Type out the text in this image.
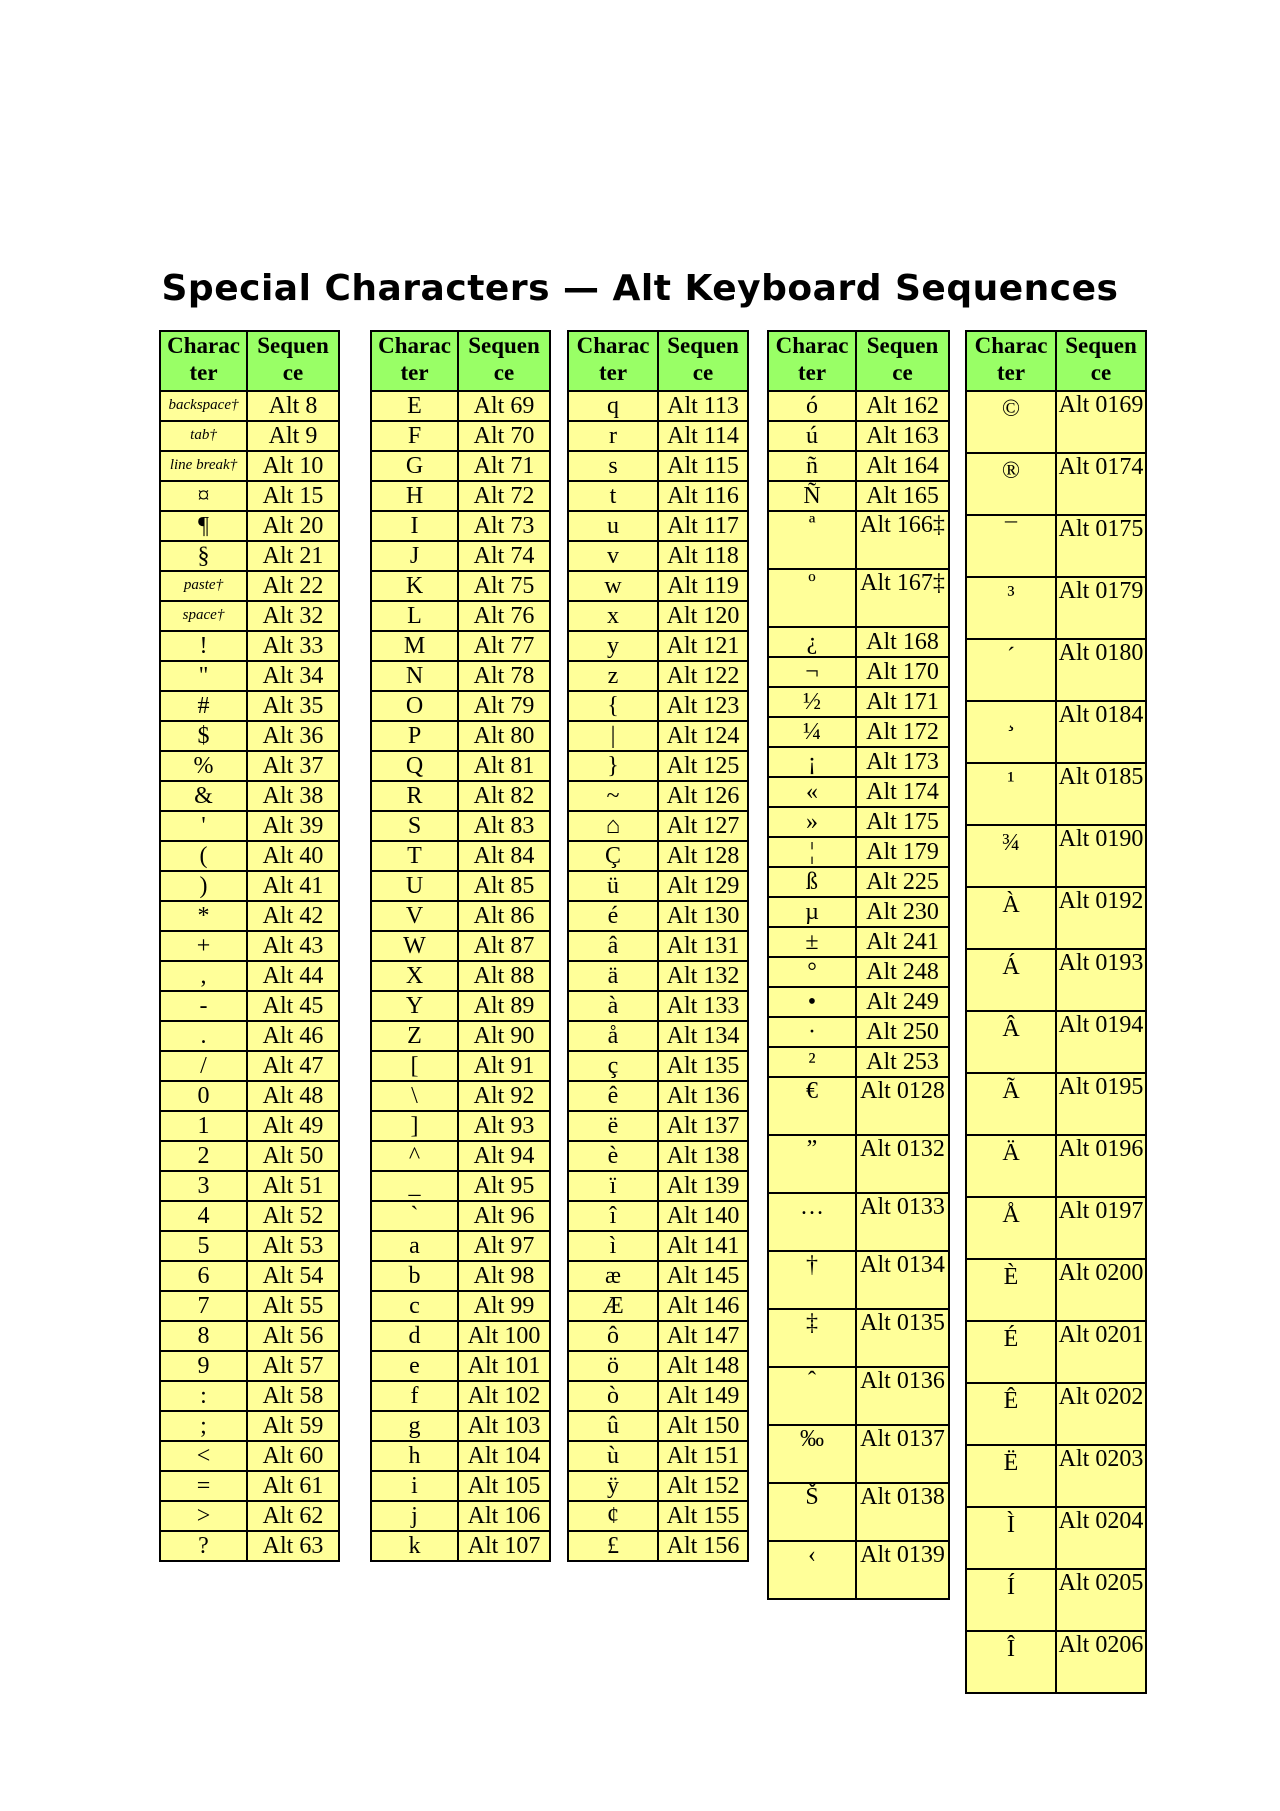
Special Characters — Alt Keyboard Sequences
Charac ter	Sequen ce
backspace†	Alt 8
tab†	Alt 9
line break†	Alt 10
¤	Alt 15
¶	Alt 20
§	Alt 21
paste†	Alt 22
space†	Alt 32
!	Alt 33
"	Alt 34
#	Alt 35
$	Alt 36
%	Alt 37
&	Alt 38
'	Alt 39
(	Alt 40
)	Alt 41
*	Alt 42
+	Alt 43
,	Alt 44
-	Alt 45
.	Alt 46
/	Alt 47
0	Alt 48
1	Alt 49
2	Alt 50
3	Alt 51
4	Alt 52
5	Alt 53
6	Alt 54
7	Alt 55
8	Alt 56
9	Alt 57
:	Alt 58
;	Alt 59
<	Alt 60
=	Alt 61
>	Alt 62
?	Alt 63
Charac ter	Sequen ce
E	Alt 69
F	Alt 70
G	Alt 71
H	Alt 72
I	Alt 73
J	Alt 74
K	Alt 75
L	Alt 76
M	Alt 77
N	Alt 78
O	Alt 79
P	Alt 80
Q	Alt 81
R	Alt 82
S	Alt 83
T	Alt 84
U	Alt 85
V	Alt 86
W	Alt 87
X	Alt 88
Y	Alt 89
Z	Alt 90
[	Alt 91
\	Alt 92
]	Alt 93
^	Alt 94
_	Alt 95
`	Alt 96
a	Alt 97
b	Alt 98
c	Alt 99
d	Alt 100
e	Alt 101
f	Alt 102
g	Alt 103
h	Alt 104
i	Alt 105
j	Alt 106
k	Alt 107
Charac ter	Sequen ce
q	Alt 113
r	Alt 114
s	Alt 115
t	Alt 116
u	Alt 117
v	Alt 118
w	Alt 119
x	Alt 120
y	Alt 121
z	Alt 122
{	Alt 123
|	Alt 124
}	Alt 125
~	Alt 126
⌂	Alt 127
Ç	Alt 128
ü	Alt 129
é	Alt 130
â	Alt 131
ä	Alt 132
à	Alt 133
å	Alt 134
ç	Alt 135
ê	Alt 136
ë	Alt 137
è	Alt 138
ï	Alt 139
î	Alt 140
ì	Alt 141
æ	Alt 145
Æ	Alt 146
ô	Alt 147
ö	Alt 148
ò	Alt 149
û	Alt 150
ù	Alt 151
ÿ	Alt 152
¢	Alt 155
£	Alt 156
Charac ter	Sequen ce
ó	Alt 162
ú	Alt 163
ñ	Alt 164
Ñ	Alt 165
ª	Alt 166‡
º	Alt 167‡
¿	Alt 168
¬	Alt 170
½	Alt 171
¼	Alt 172
¡	Alt 173
«	Alt 174
»	Alt 175
¦	Alt 179
ß	Alt 225
µ	Alt 230
±	Alt 241
°	Alt 248
•	Alt 249
·	Alt 250
²	Alt 253
€	Alt 0128
”	Alt 0132
…	Alt 0133
†	Alt 0134
‡	Alt 0135
ˆ	Alt 0136
‰	Alt 0137
Š	Alt 0138
‹	Alt 0139
Charac ter	Sequen ce
©	Alt 0169
®	Alt 0174
¯	Alt 0175
³	Alt 0179
´	Alt 0180
¸	Alt 0184
¹	Alt 0185
¾	Alt 0190
À	Alt 0192
Á	Alt 0193
Â	Alt 0194
Ã	Alt 0195
Ä	Alt 0196
Å	Alt 0197
È	Alt 0200
É	Alt 0201
Ê	Alt 0202
Ë	Alt 0203
Ì	Alt 0204
Í	Alt 0205
Î	Alt 0206
